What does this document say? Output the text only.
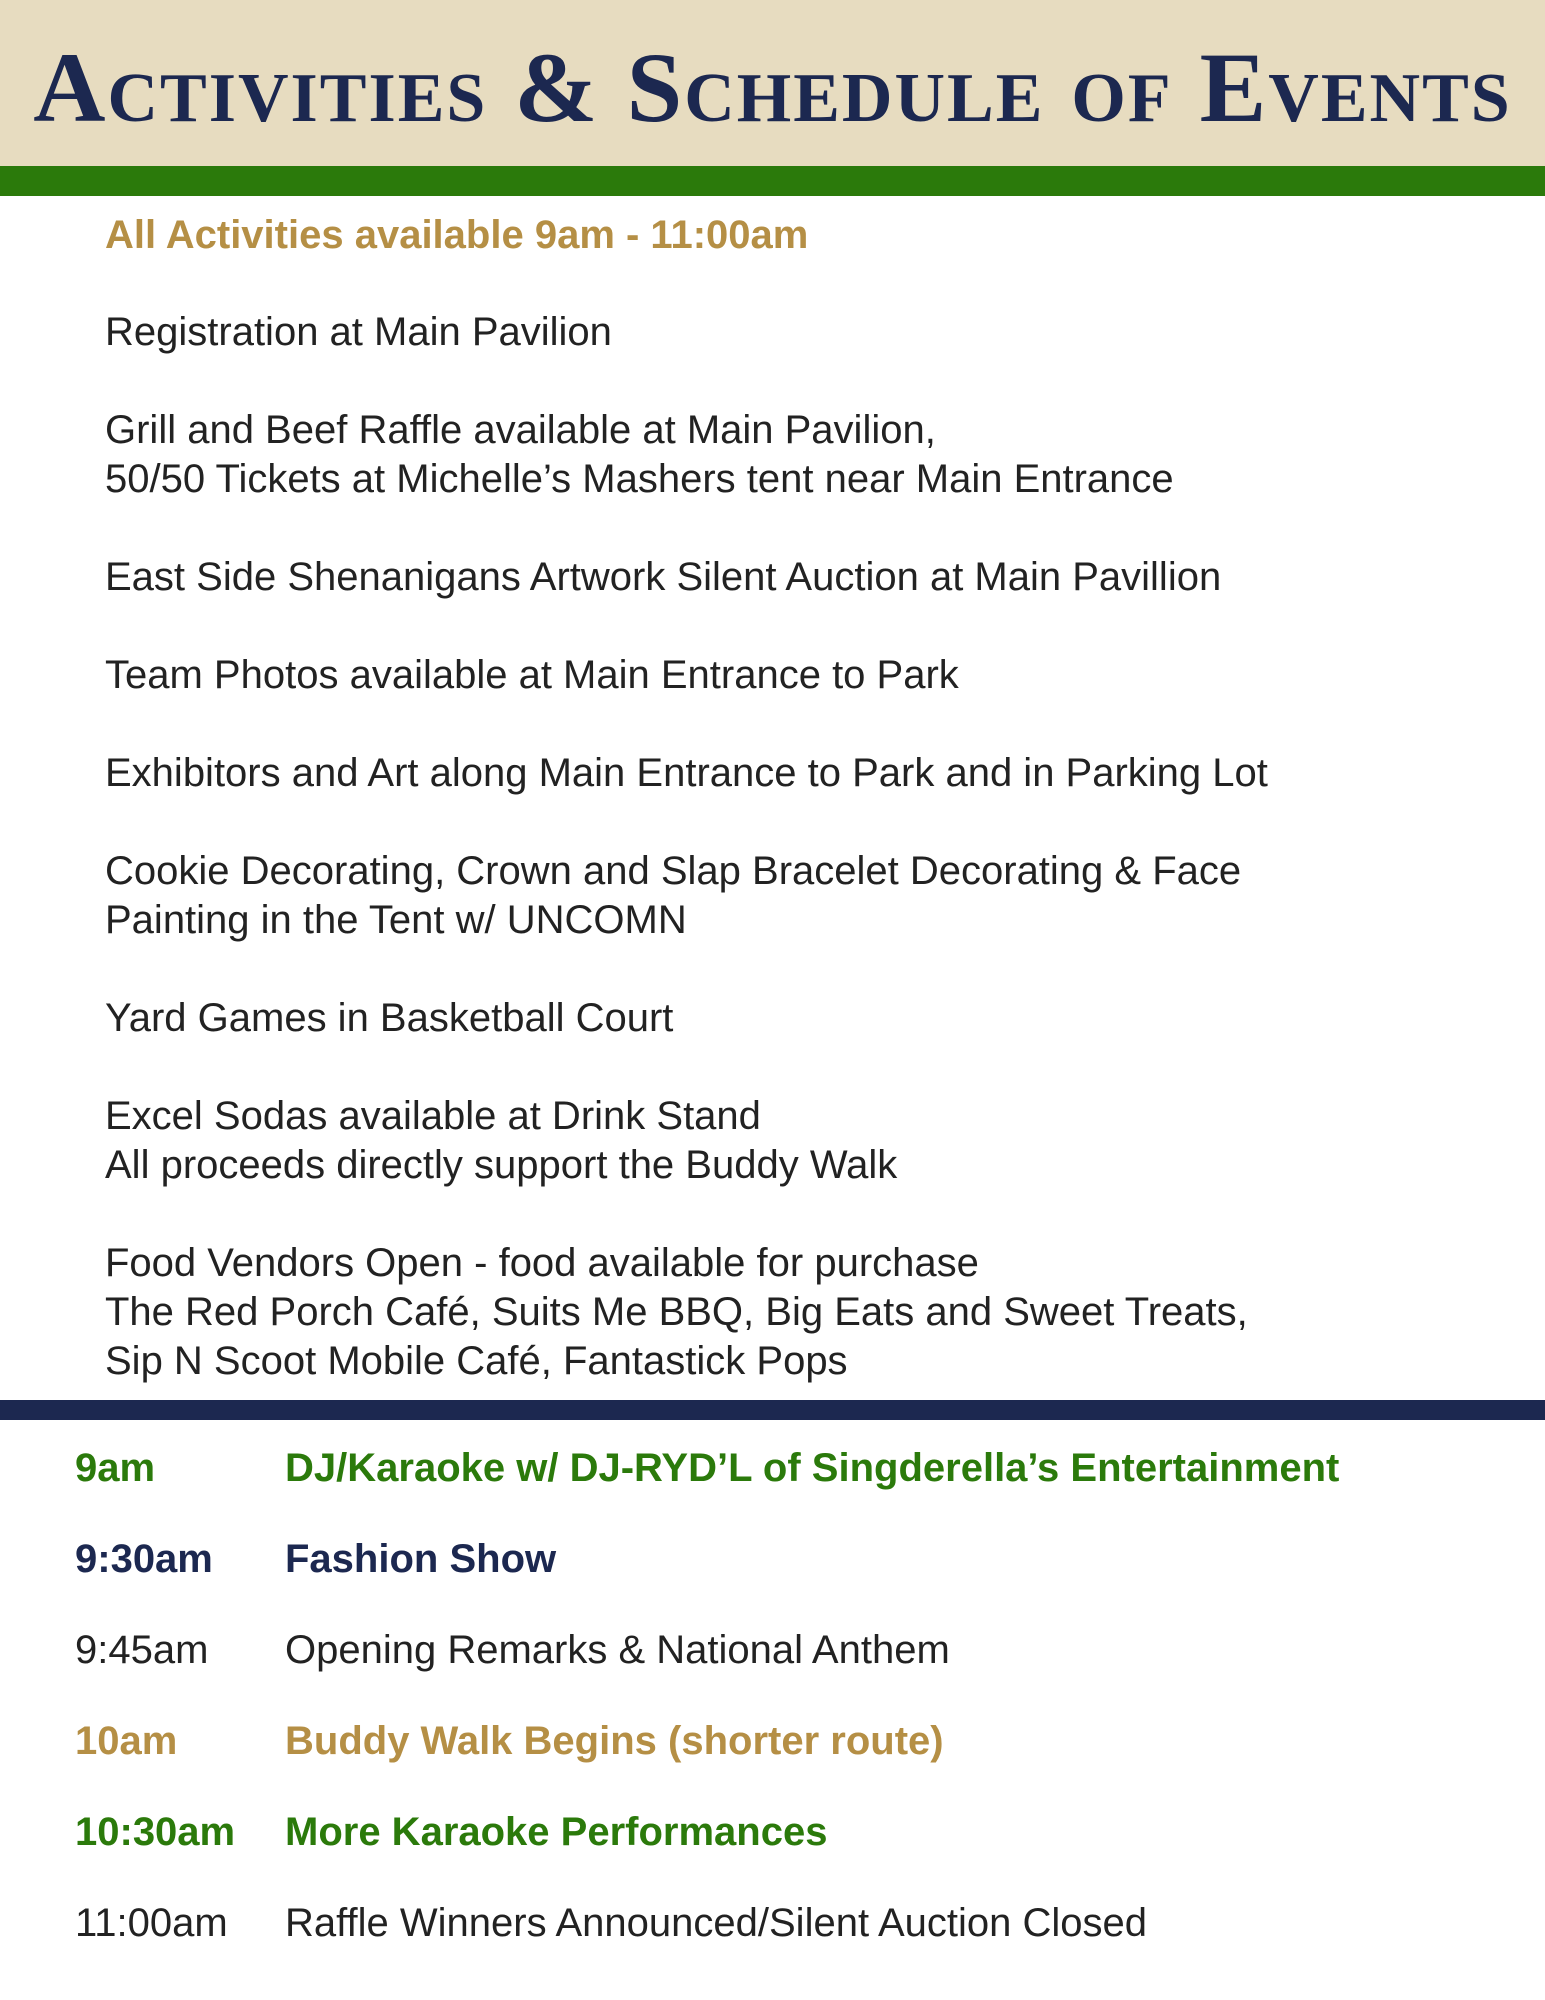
Activities & Schedule of Events
All Activities available 9am - 11:00am
Registration at Main Pavilion
Grill and Beef Raffle available at Main Pavilion,
50/50 Tickets at Michelle’s Mashers tent near Main Entrance
East Side Shenanigans Artwork Silent Auction at Main Pavillion
Team Photos available at Main Entrance to Park
Exhibitors and Art along Main Entrance to Park and in Parking Lot
Cookie Decorating, Crown and Slap Bracelet Decorating & Face
Painting in the Tent w/ UNCOMN
Yard Games in Basketball Court
Excel Sodas available at Drink Stand
All proceeds directly support the Buddy Walk
Food Vendors Open - food available for purchase
The Red Porch Café, Suits Me BBQ, Big Eats and Sweet Treats,
Sip N Scoot Mobile Café, Fantastick Pops
9am	DJ/Karaoke w/ DJ-RYD’L of Singderella’s Entertainment
9:30am	Fashion Show
9:45am	Opening Remarks & National Anthem
10am	Buddy Walk Begins (shorter route)
10:30am	More Karaoke Performances
11:00am	Raffle Winners Announced/Silent Auction Closed
